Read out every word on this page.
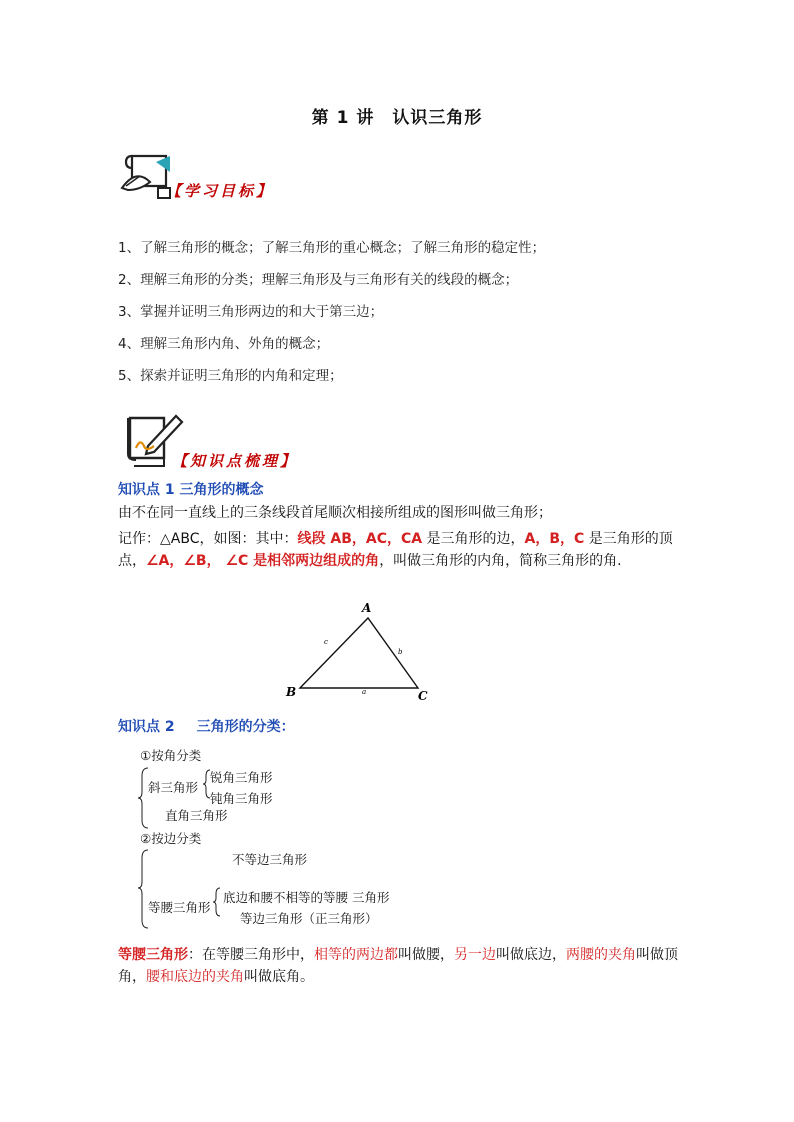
第 1 讲 认识三角形
【学习目标】
1、了解三角形的概念；了解三角形的重心概念；了解三角形的稳定性；
2、理解三角形的分类；理解三角形及与三角形有关的线段的概念；
3、掌握并证明三角形两边的和大于第三边；
4、理解三角形内角、外角的概念；
5、探索并证明三角形的内角和定理；
【知识点梳理】
知识点 1 三角形的概念
由不在同一直线上的三条线段首尾顺次相接所组成的图形叫做三角形；
记作：△ABC，如图：其中：线段 AB，AC，CA 是三角形的边，A，B，C 是三角形的顶点，∠A，∠B， ∠C 是相邻两边组成的角，叫做三角形的内角，简称三角形的角.
A
B	C
c
b
a
知识点 2 三角形的分类：
①按角分类
斜三角形
锐角三角形
钝角三角形
直角三角形
②按边分类
不等边三角形
等腰三角形
底边和腰不相等的等腰 三角形
等边三角形（正三角形）
等腰三角形：在等腰三角形中，相等的两边都叫做腰，另一边叫做底边，两腰的夹角叫做顶角，腰和底边的夹角叫做底角。
